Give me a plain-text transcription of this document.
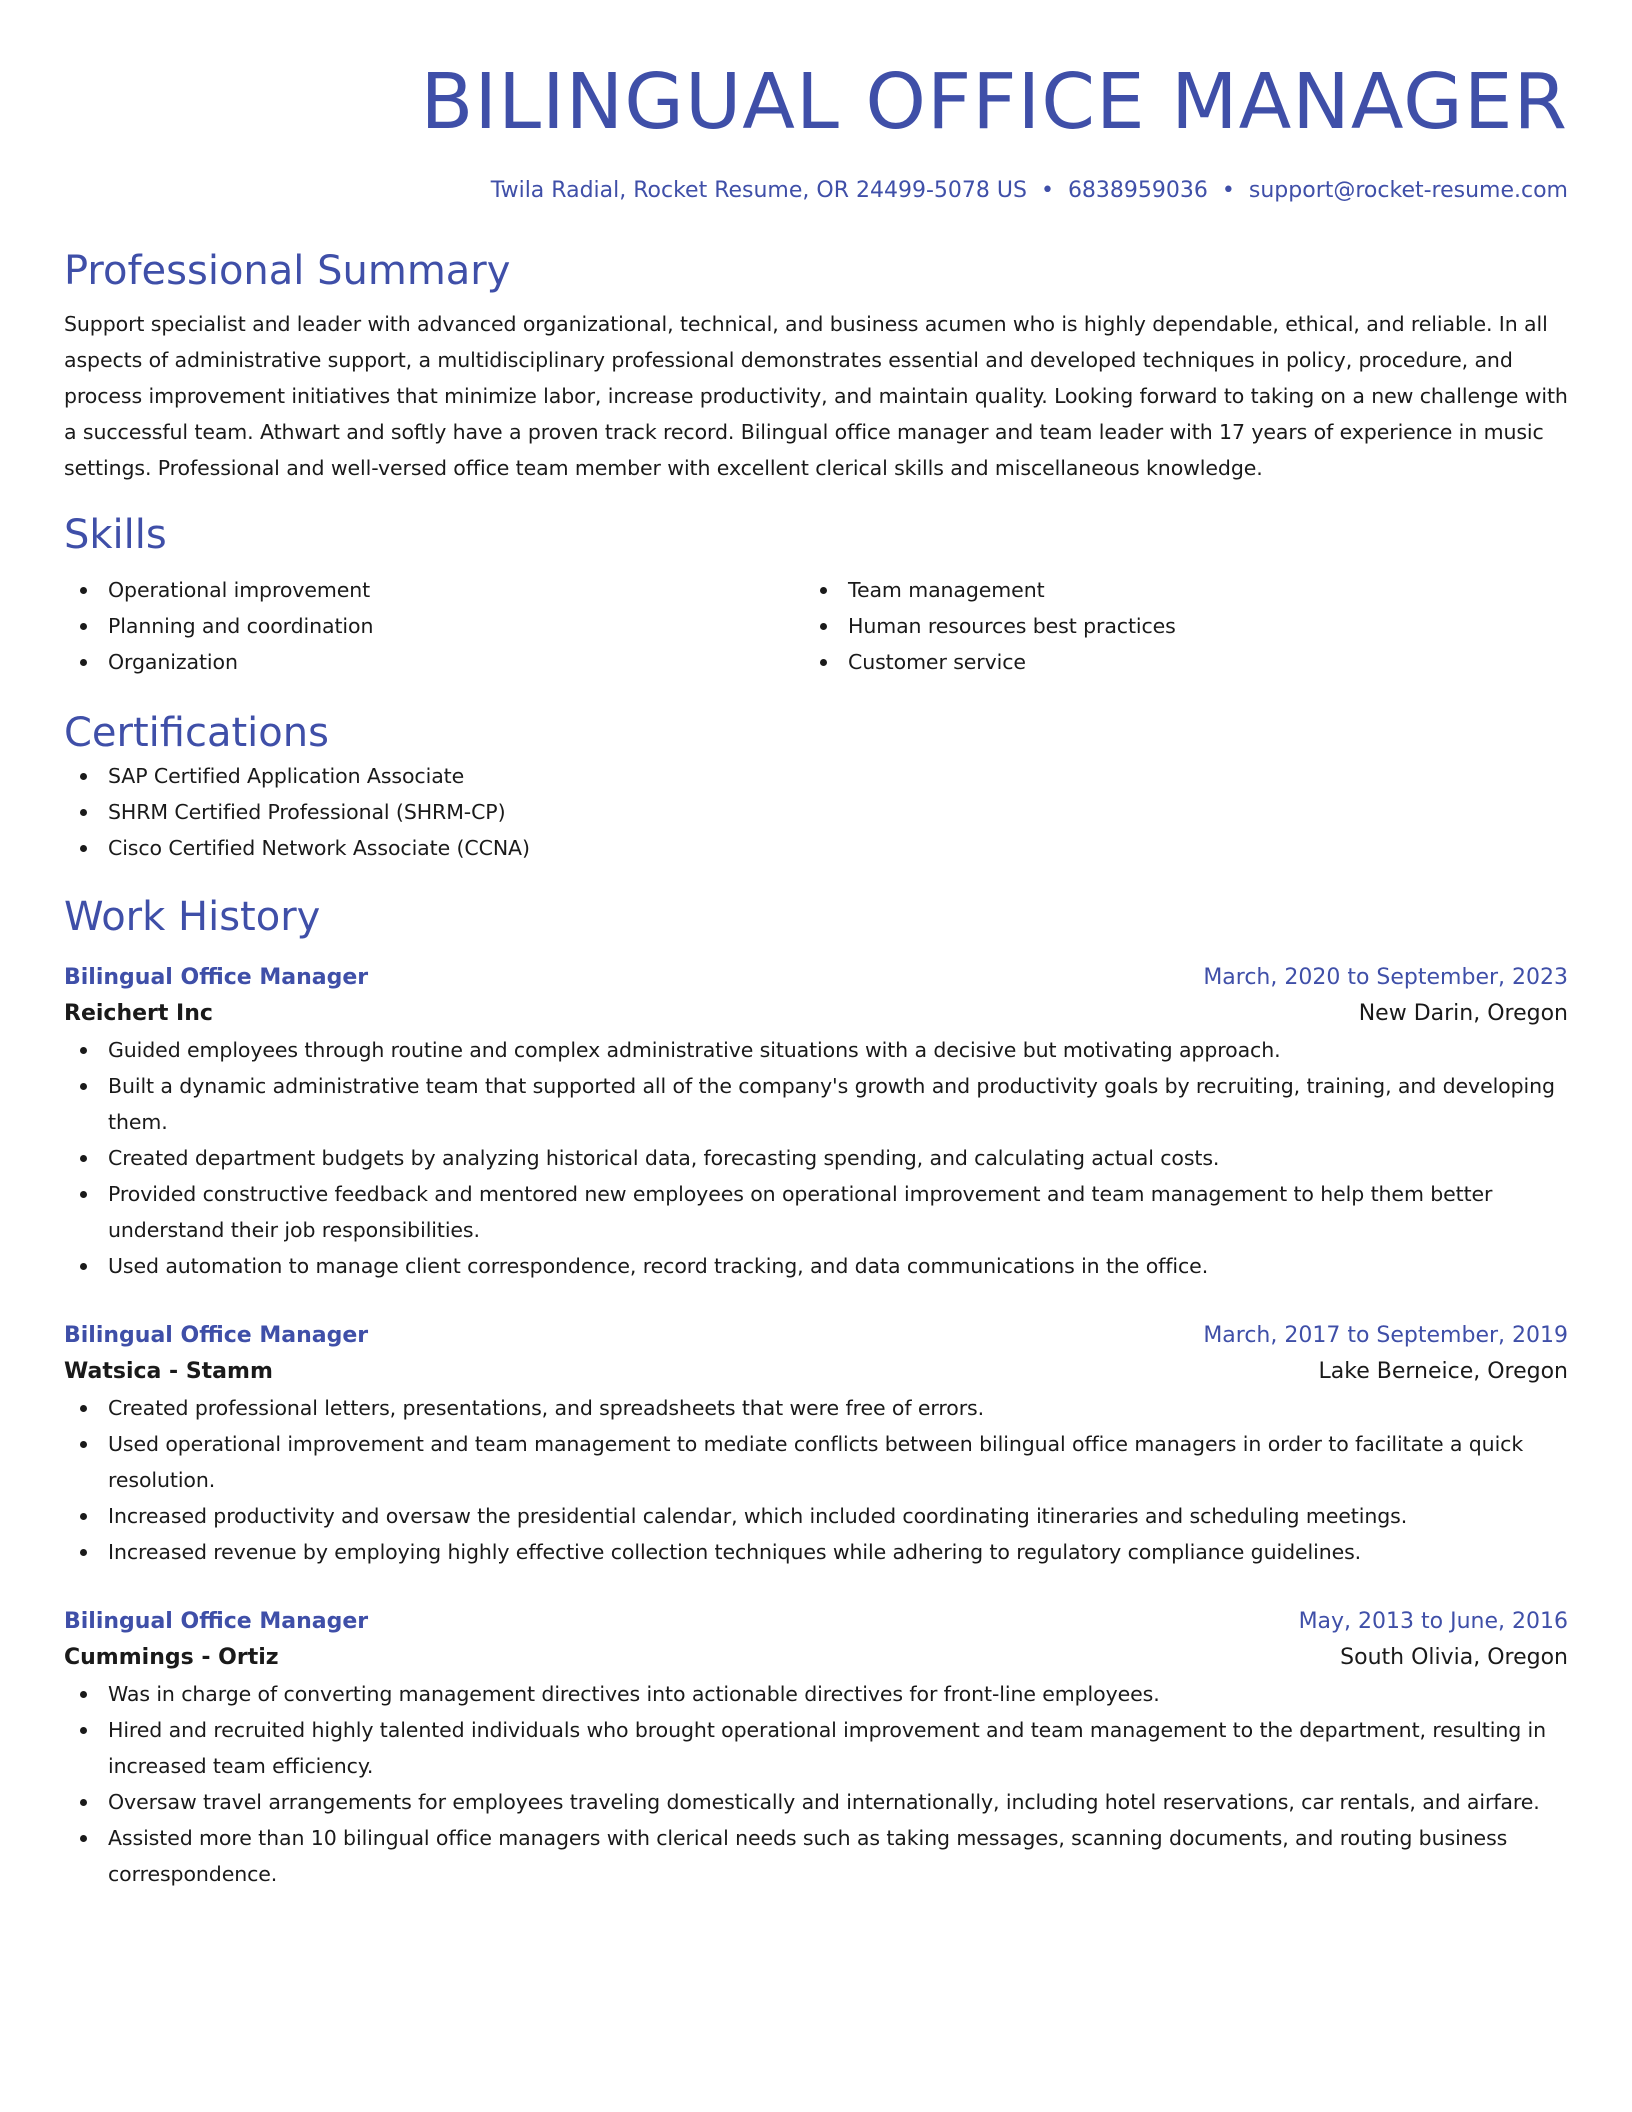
BILINGUAL OFFICE MANAGER
Twila Radial, Rocket Resume, OR 24499-5078 US • 6838959036 • support@rocket-resume.com
Professional Summary

Support specialist and leader with advanced organizational, technical, and business acumen who is highly dependable, ethical, and reliable. In all aspects of administrative support, a multidisciplinary professional demonstrates essential and developed techniques in policy, procedure, and process improvement initiatives that minimize labor, increase productivity, and maintain quality. Looking forward to taking on a new challenge with a successful team. Athwart and softly have a proven track record. Bilingual office manager and team leader with 17 years of experience in music settings. Professional and well-versed office team member with excellent clerical skills and miscellaneous knowledge.

Skills
Operational improvement
Planning and coordination
Organization
Team management
Human resources best practices
Customer service
Certifications
SAP Certified Application Associate
SHRM Certified Professional (SHRM-CP)
Cisco Certified Network Associate (CCNA)
Work History
Bilingual Office Manager	March, 2020 to September, 2023
Reichert Inc	New Darin, Oregon
Guided employees through routine and complex administrative situations with a decisive but motivating approach.
Built a dynamic administrative team that supported all of the company's growth and productivity goals by recruiting, training, and developing them.
Created department budgets by analyzing historical data, forecasting spending, and calculating actual costs.
Provided constructive feedback and mentored new employees on operational improvement and team management to help them better understand their job responsibilities.
Used automation to manage client correspondence, record tracking, and data communications in the office.
Bilingual Office Manager	March, 2017 to September, 2019
Watsica - Stamm	Lake Berneice, Oregon
Created professional letters, presentations, and spreadsheets that were free of errors.
Used operational improvement and team management to mediate conflicts between bilingual office managers in order to facilitate a quick resolution.
Increased productivity and oversaw the presidential calendar, which included coordinating itineraries and scheduling meetings.
Increased revenue by employing highly effective collection techniques while adhering to regulatory compliance guidelines.
Bilingual Office Manager	May, 2013 to June, 2016
Cummings - Ortiz	South Olivia, Oregon
Was in charge of converting management directives into actionable directives for front-line employees.
Hired and recruited highly talented individuals who brought operational improvement and team management to the department, resulting in increased team efficiency.
Oversaw travel arrangements for employees traveling domestically and internationally, including hotel reservations, car rentals, and airfare.
Assisted more than 10 bilingual office managers with clerical needs such as taking messages, scanning documents, and routing business correspondence.
